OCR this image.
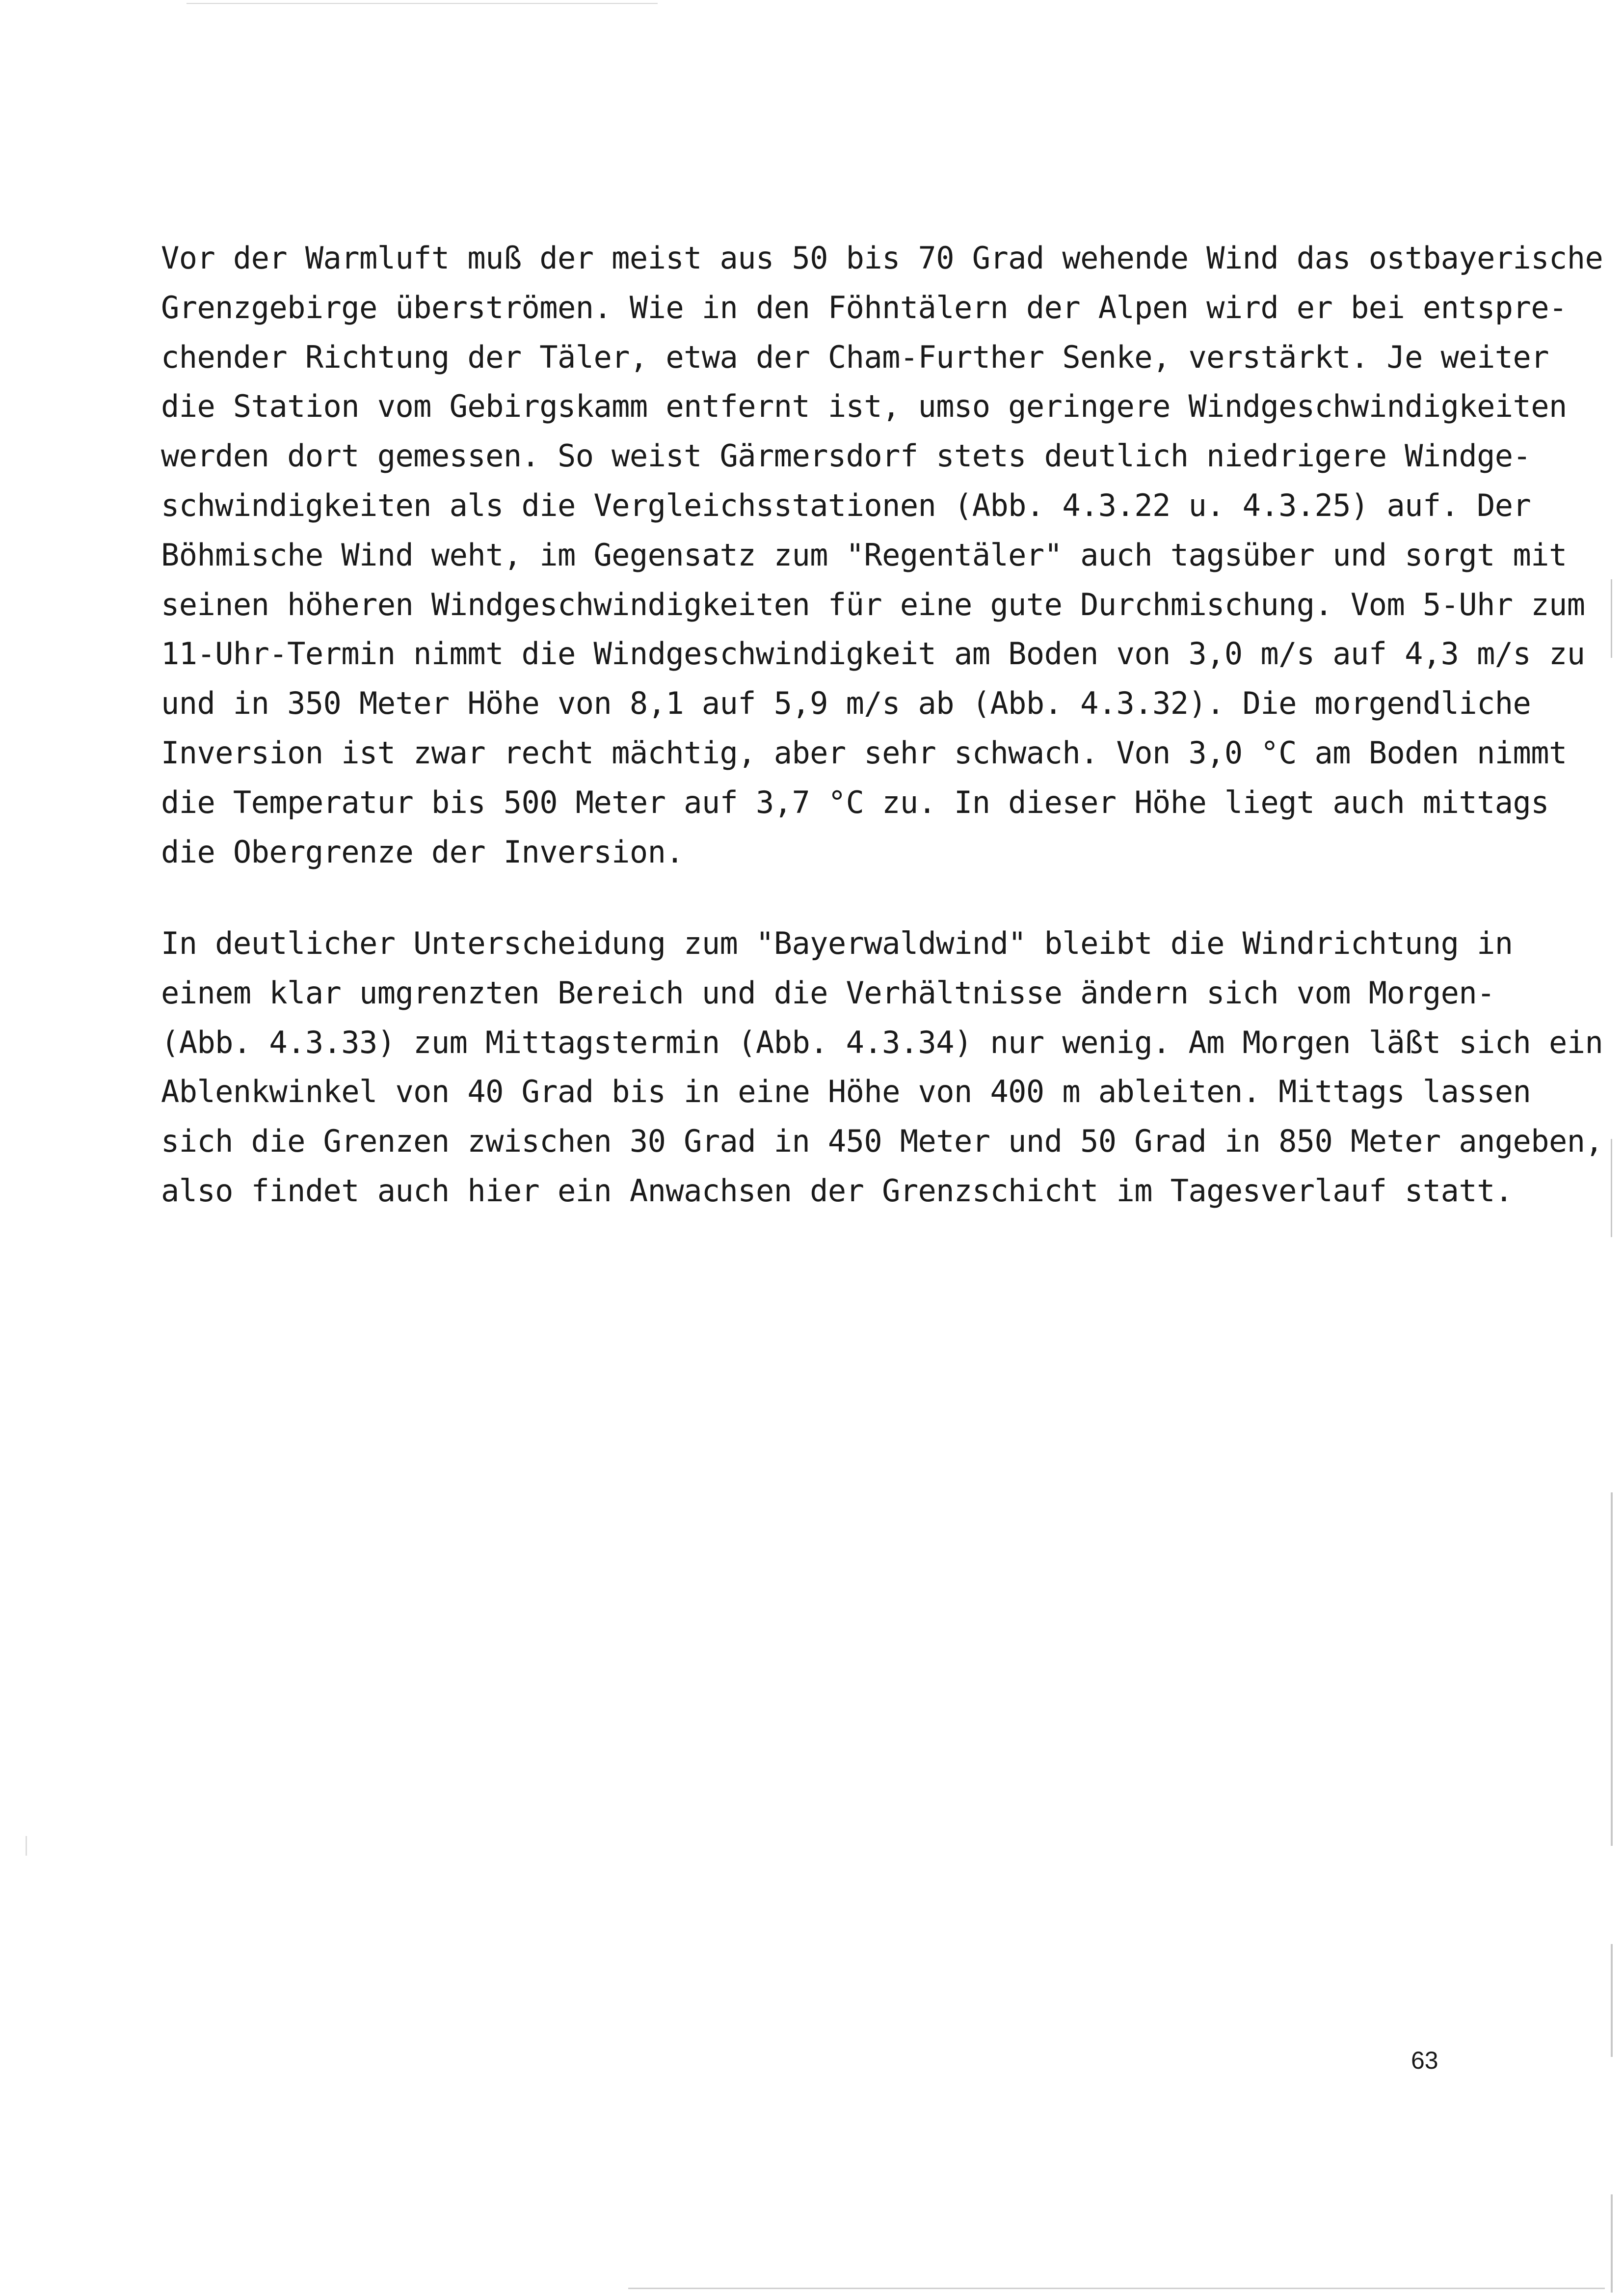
Vor der Warmluft muß der meist aus 50 bis 70 Grad wehende Wind das ostbayerische
Grenzgebirge überströmen. Wie in den Föhntälern der Alpen wird er bei entspre-
chender Richtung der Täler, etwa der Cham-Further Senke, verstärkt. Je weiter
die Station vom Gebirgskamm entfernt ist, umso geringere Windgeschwindigkeiten
werden dort gemessen. So weist Gärmersdorf stets deutlich niedrigere Windge-
schwindigkeiten als die Vergleichsstationen (Abb. 4.3.22 u. 4.3.25) auf. Der
Böhmische Wind weht, im Gegensatz zum "Regentäler" auch tagsüber und sorgt mit
seinen höheren Windgeschwindigkeiten für eine gute Durchmischung. Vom 5-Uhr zum
11-Uhr-Termin nimmt die Windgeschwindigkeit am Boden von 3,0 m/s auf 4,3 m/s zu
und in 350 Meter Höhe von 8,1 auf 5,9 m/s ab (Abb. 4.3.32). Die morgendliche
Inversion ist zwar recht mächtig, aber sehr schwach. Von 3,0 °C am Boden nimmt
die Temperatur bis 500 Meter auf 3,7 °C zu. In dieser Höhe liegt auch mittags
die Obergrenze der Inversion.
In deutlicher Unterscheidung zum "Bayerwaldwind" bleibt die Windrichtung in
einem klar umgrenzten Bereich und die Verhältnisse ändern sich vom Morgen-
(Abb. 4.3.33) zum Mittagstermin (Abb. 4.3.34) nur wenig. Am Morgen läßt sich ein
Ablenkwinkel von 40 Grad bis in eine Höhe von 400 m ableiten. Mittags lassen
sich die Grenzen zwischen 30 Grad in 450 Meter und 50 Grad in 850 Meter angeben,
also findet auch hier ein Anwachsen der Grenzschicht im Tagesverlauf statt.
63
